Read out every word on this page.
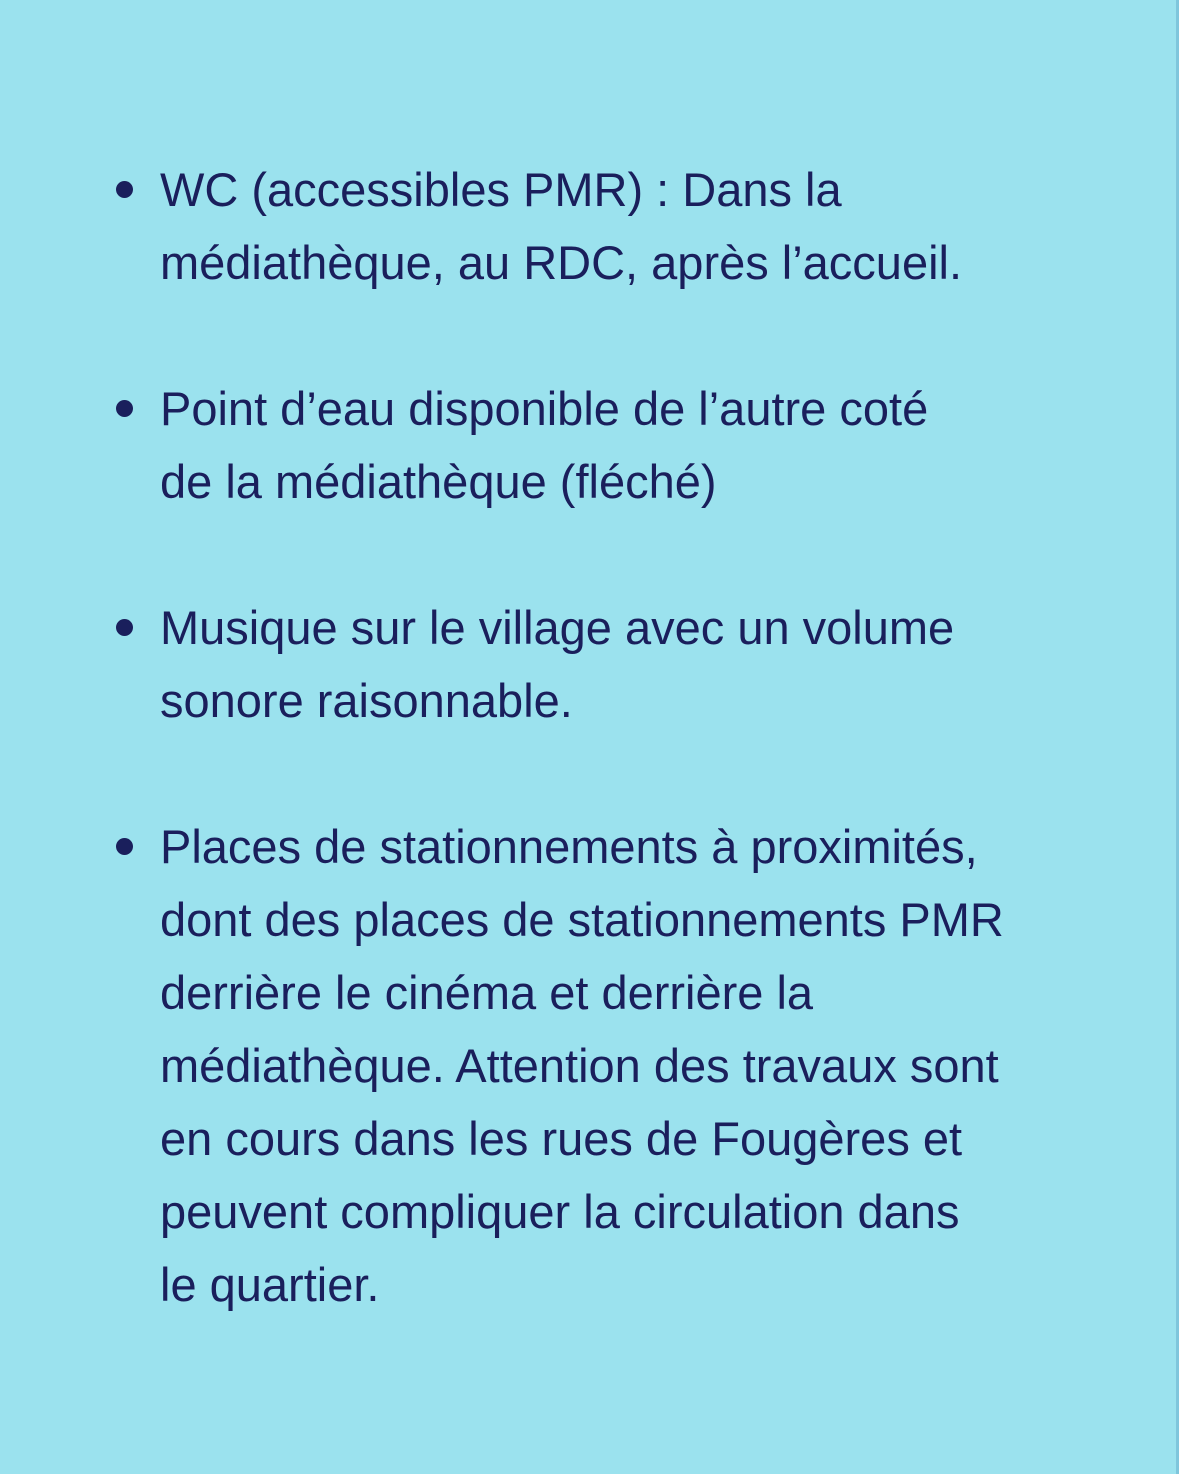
WC (accessibles PMR) : Dans la
médiathèque, au RDC, après l’accueil.
Point d’eau disponible de l’autre coté
de la médiathèque (fléché)
Musique sur le village avec un volume
sonore raisonnable.
Places de stationnements à proximités,
dont des places de stationnements PMR
derrière le cinéma et derrière la
médiathèque. Attention des travaux sont
en cours dans les rues de Fougères et
peuvent compliquer la circulation dans
le quartier.
